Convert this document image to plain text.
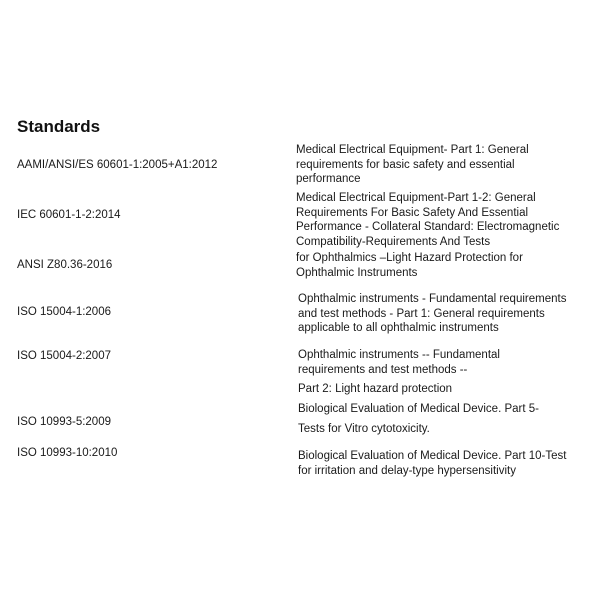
Standards
AAMI/ANSI/ES 60601-1:2005+A1:2012
Medical Electrical Equipment- Part 1: General
requirements for basic safety and essential
performance
IEC 60601-1-2:2014
Medical Electrical Equipment-Part 1-2: General
Requirements For Basic Safety And Essential
Performance - Collateral Standard: Electromagnetic
Compatibility-Requirements And Tests
ANSI Z80.36-2016
for Ophthalmics –Light Hazard Protection for
Ophthalmic Instruments
ISO 15004-1:2006
Ophthalmic instruments - Fundamental requirements
and test methods - Part 1: General requirements
applicable to all ophthalmic instruments
ISO 15004-2:2007	Ophthalmic instruments -- Fundamental
requirements and test methods --
Part 2: Light hazard protection
ISO 10993-5:2009
Biological Evaluation of Medical Device. Part 5-
Tests for Vitro cytotoxicity.
ISO 10993-10:2010	Biological Evaluation of Medical Device. Part 10-Test
for irritation and delay-type hypersensitivity
